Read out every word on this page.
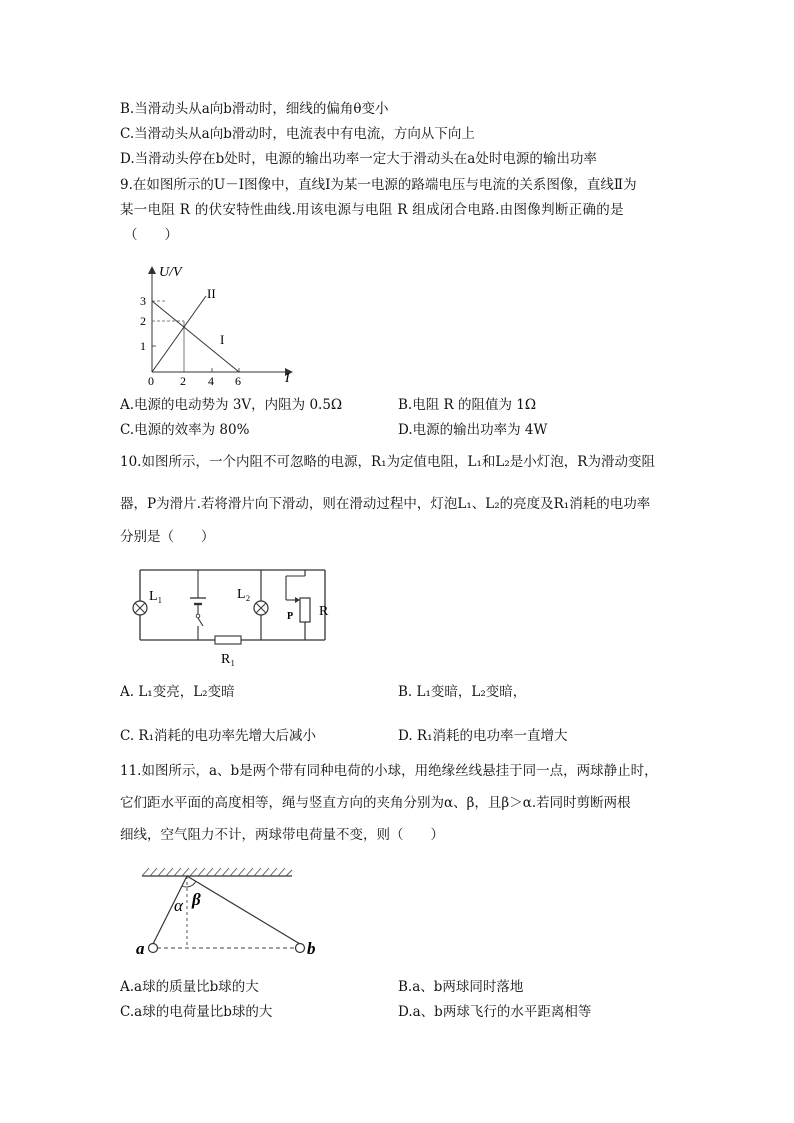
B.当滑动头从a向b滑动时，细线的偏角θ变小
C.当滑动头从a向b滑动时，电流表中有电流，方向从下向上
D.当滑动头停在b处时，电源的输出功率一定大于滑动头在a处时电源的输出功率
9.在如图所示的U－I图像中，直线Ⅰ为某一电源的路端电压与电流的关系图像，直线Ⅱ为
某一电阻 R 的伏安特性曲线.用该电源与电阻 R 组成闭合电路.由图像判断正确的是
（　　）
U/V
II
I
3
2
1
0 2 4 6	I
A.电源的电动势为 3V，内阻为 0.5Ω	B.电阻 R 的阻值为 1Ω
C.电源的效率为 80%	D.电源的输出功率为 4W
10.如图所示，一个内阻不可忽略的电源，R₁为定值电阻，L₁和L₂是小灯泡，R为滑动变阻
器，P为滑片.若将滑片向下滑动，则在滑动过程中，灯泡L₁、L₂的亮度及R₁消耗的电功率
分别是（　　）
R₁
L₁	L₂
P R
A. L₁变亮，L₂变暗	B. L₁变暗，L₂变暗，
C. R₁消耗的电功率先增大后减小	D. R₁消耗的电功率一直增大
11.如图所示，a、b是两个带有同种电荷的小球，用绝缘丝线悬挂于同一点，两球静止时，
它们距水平面的高度相等，绳与竖直方向的夹角分别为α、β，且β＞α.若同时剪断两根
细线，空气阻力不计，两球带电荷量不变，则（　　）
α β
a	b
A.a球的质量比b球的大	B.a、b两球同时落地
C.a球的电荷量比b球的大	D.a、b两球飞行的水平距离相等
